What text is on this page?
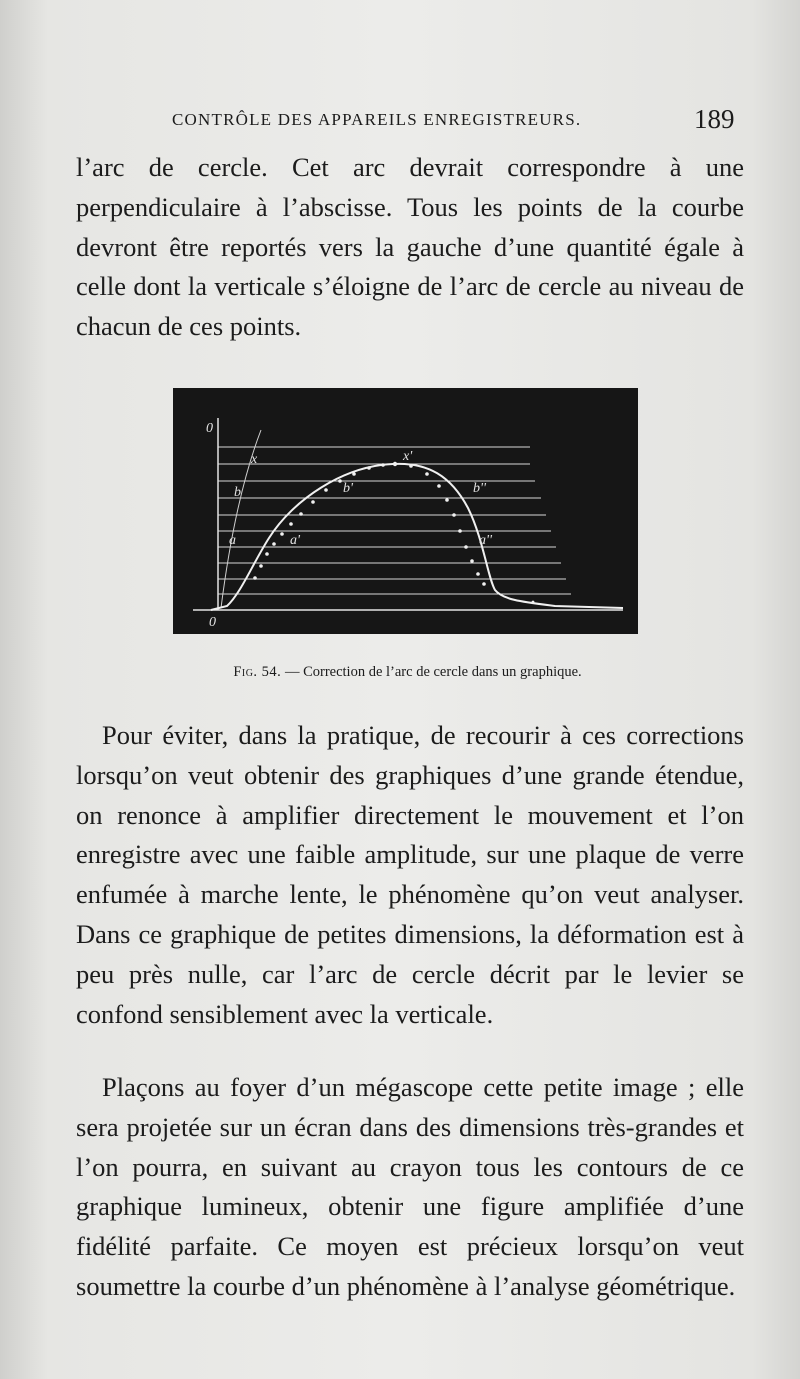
CONTRÔLE DES APPAREILS ENREGISTREURS.	189

l’arc de cercle. Cet arc devrait correspondre à une perpendiculaire à l’abscisse. Tous les points de la courbe devront être reportés vers la gauche d’une quantité égale à celle dont la verticale s’éloigne de l’arc de cercle au niveau de chacun de ces points.

0
0
x	x'
b	b'	b''
a	a'	a''
Fig. 54. — Correction de l’arc de cercle dans un graphique.

Pour éviter, dans la pratique, de recourir à ces corrections lorsqu’on veut obtenir des graphiques d’une grande étendue, on renonce à amplifier directement le mouvement et l’on enregistre avec une faible amplitude, sur une plaque de verre enfumée à marche lente, le phénomène qu’on veut analyser. Dans ce graphique de petites dimensions, la déformation est à peu près nulle, car l’arc de cercle décrit par le levier se confond sensiblement avec la verticale.

Plaçons au foyer d’un mégascope cette petite image ; elle sera projetée sur un écran dans des dimensions très-grandes et l’on pourra, en suivant au crayon tous les contours de ce graphique lumineux, obtenir une figure amplifiée d’une fidélité parfaite. Ce moyen est précieux lorsqu’on veut soumettre la courbe d’un phénomène à l’analyse géométrique.
